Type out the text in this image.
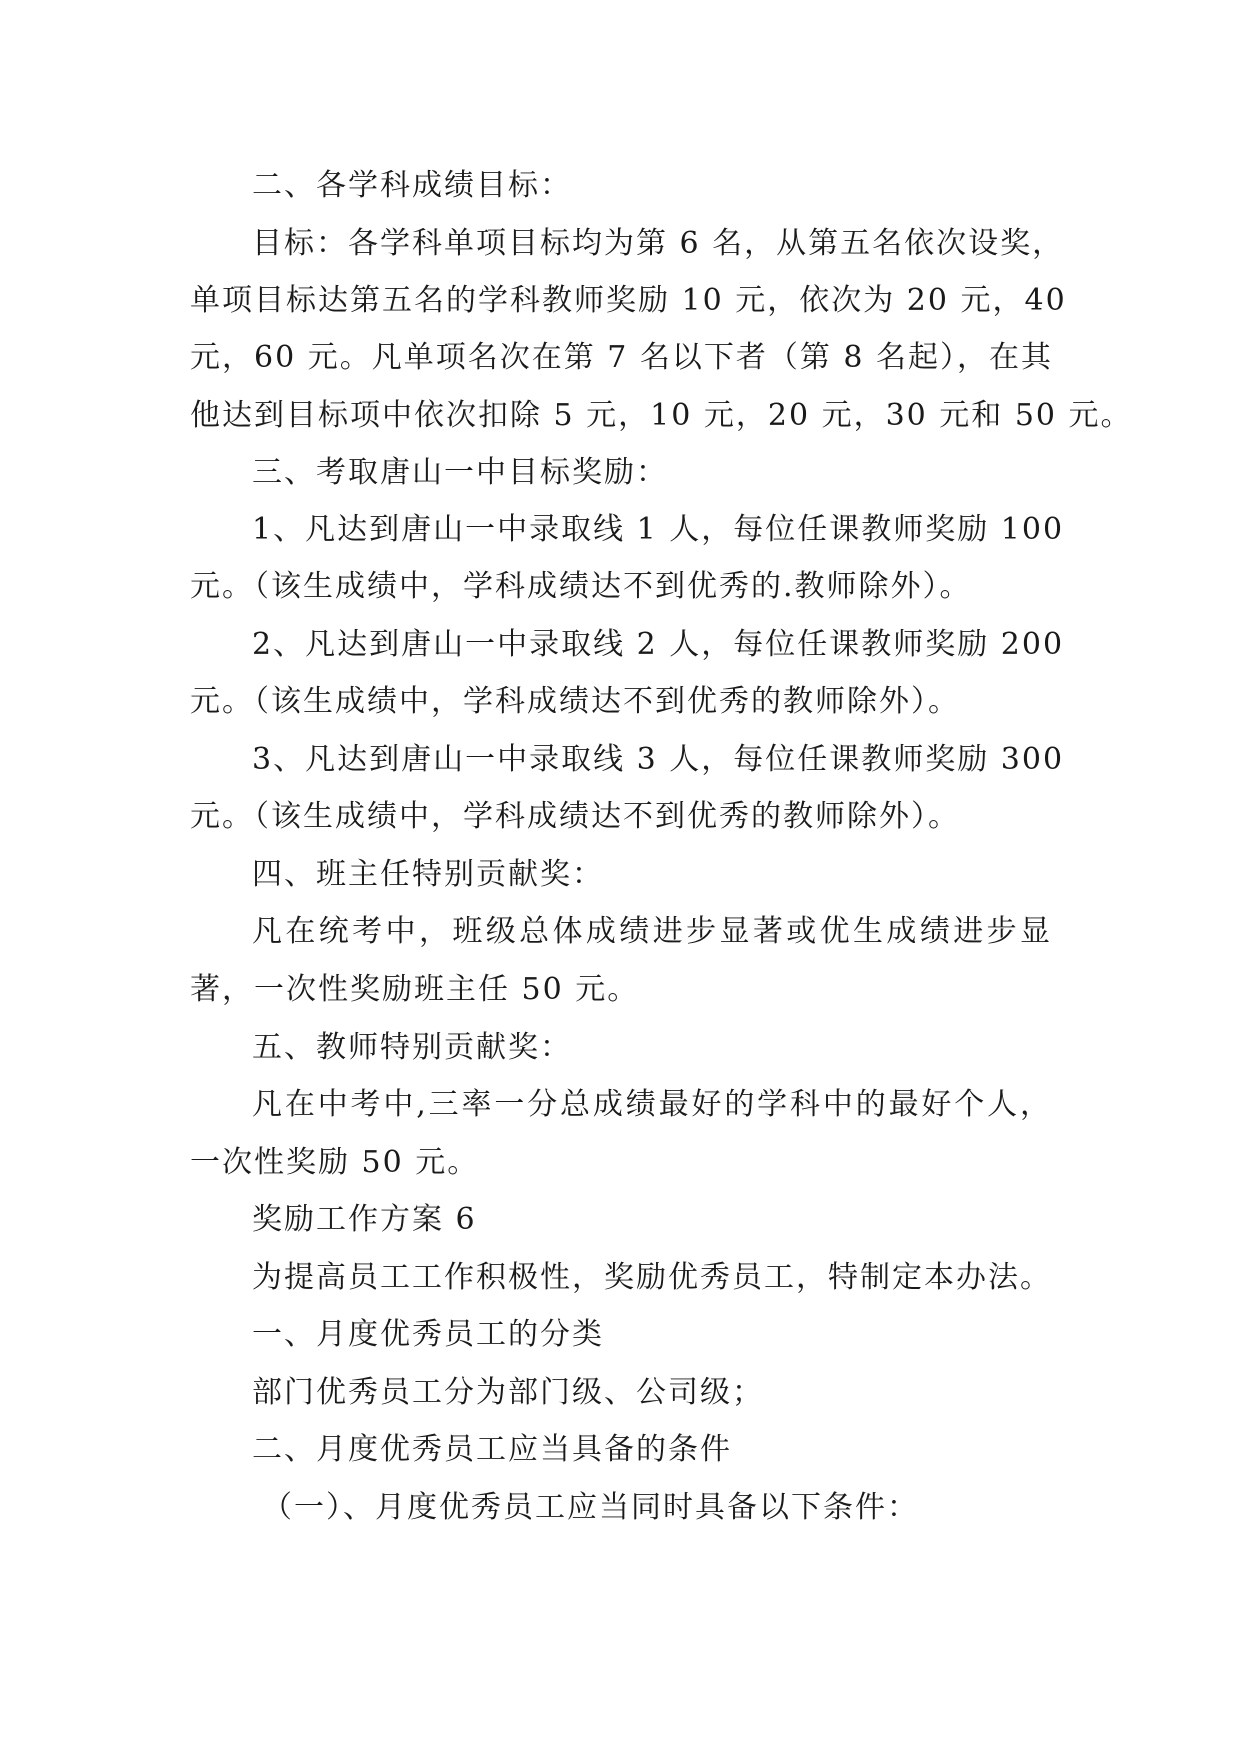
二、各学科成绩目标：
目标：各学科单项目标均为第 6 名，从第五名依次设奖，
单项目标达第五名的学科教师奖励 10 元，依次为 20 元，40
元，60 元。凡单项名次在第 7 名以下者（第 8 名起），在其
他达到目标项中依次扣除 5 元，10 元，20 元，30 元和 50 元。
三、考取唐山一中目标奖励：
1、凡达到唐山一中录取线 1 人，每位任课教师奖励 100
元。（该生成绩中，学科成绩达不到优秀的.教师除外）。
2、凡达到唐山一中录取线 2 人，每位任课教师奖励 200
元。（该生成绩中，学科成绩达不到优秀的教师除外）。
3、凡达到唐山一中录取线 3 人，每位任课教师奖励 300
元。（该生成绩中，学科成绩达不到优秀的教师除外）。
四、班主任特别贡献奖：
凡在统考中，班级总体成绩进步显著或优生成绩进步显
著，一次性奖励班主任 50 元。
五、教师特别贡献奖：
凡在中考中,三率一分总成绩最好的学科中的最好个人，
一次性奖励 50 元。
奖励工作方案 6
为提高员工工作积极性，奖励优秀员工，特制定本办法。
一、月度优秀员工的分类
部门优秀员工分为部门级、公司级；
二、月度优秀员工应当具备的条件
（一）、月度优秀员工应当同时具备以下条件：
